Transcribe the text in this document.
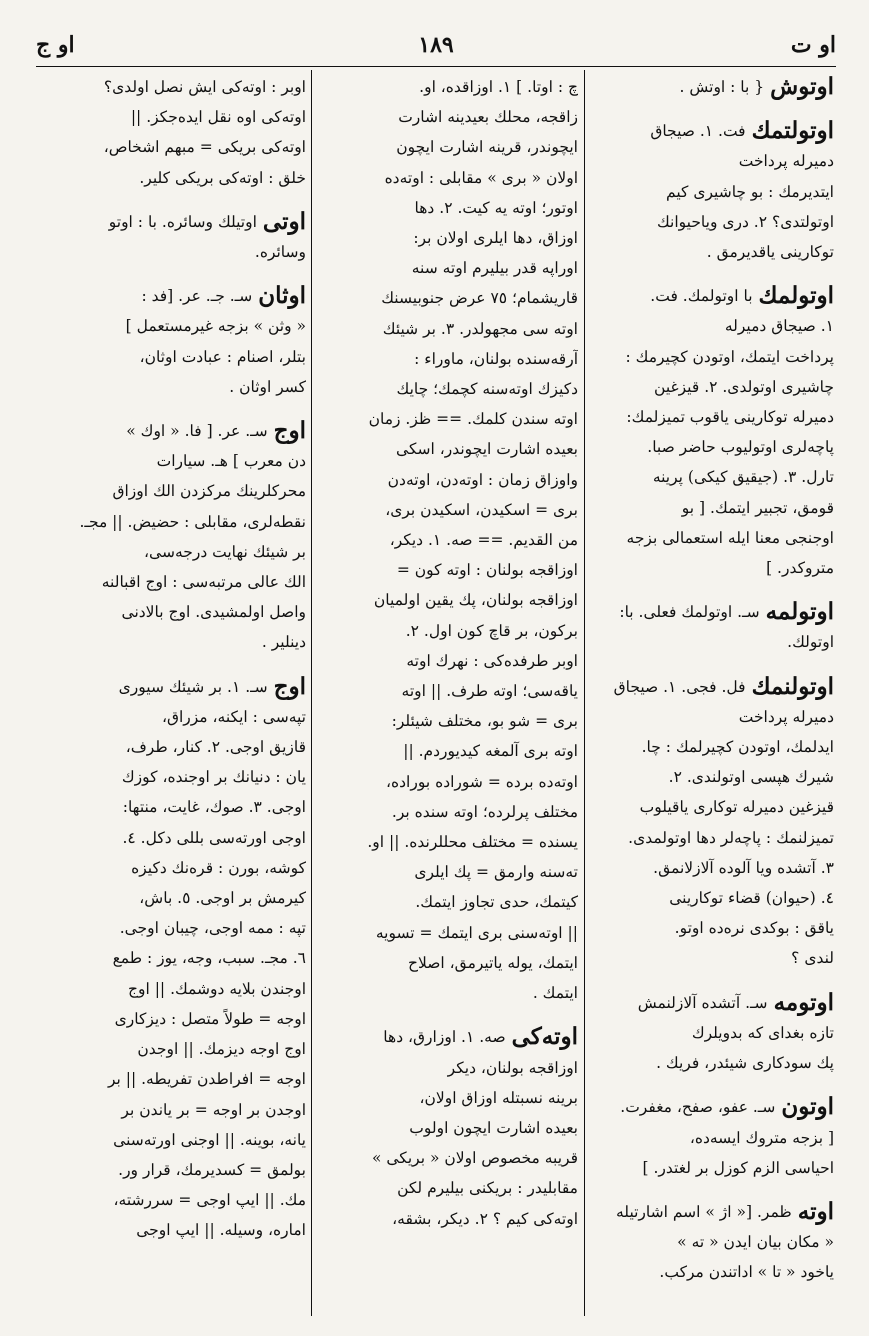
او ت
١٨٩
او ج
اوتوش
{ با : اوتش .
اوتولتمك
فت. ١. صیجاق
دمیرله پرداخت
ایتدیرمك : بو چاشیری کیم
اوتولتدی؟ ٢. دری ویاحیوانك
توکارینی یاقدیرمق .
اوتولمك
با اوتولمك. فت.
١. صیجاق دمیرله
پرداخت ایتمك، اوتودن کچیرمك :
چاشیری اوتولدی. ٢. قیزغین
دمیرله توکارینی یاقوب تمیزلمك:
پاچه‌لری اوتولیوب حاضر صبا.
تارل. ٣. (جیقیق کیکی) پرینه
قومق، تجبیر ایتمك. [ بو
اوجنجی معنا ایله استعمالی بزجه
متروکدر. ]
اوتولمه
سـ. اوتولمك فعلی. با:
اوتولك.
اوتولنمك
فل. فجی. ١. صیجاق
دمیرله پرداخت
ایدلمك، اوتودن کچیرلمك : چا.
شیرك هپسی اوتولندی. ٢.
قیزغین دمیرله توکاری یاقیلوب
تمیزلنمك : پاچه‌لر دها اوتولمدی.
٣. آتشده ویا آلوده آلازلانمق.
٤. (حیوان) قضاء توکارینی
یاقق : بوکدی نره‌ده اوتو.
لندی ؟
اوتومه
سـ. آتشده آلازلنمش
تازه بغدای که بدویلرك
پك سودکاری شیئدر، فریك .
اوتون
سـ. عفو، صفح، مغفرت.
[ بزجه متروك ایسه‌ده،
احیاسی الزم کوزل بر لغتدر. ]
اوته
ظمر. [« اژ » اسم اشارتیله
« مکان بیان ایدن « ته »
یاخود « تا » اداتندن مرکب.
چ : اوتا. ] ١. اوزاقده، او.
زاقجه، محلك بعیدینه اشارت
ایچوندر، قرینه اشارت ایچون
اولان « بری » مقابلی : اوته‌ده
اوتور؛ اوته یه کیت. ٢. دها
اوزاق، دها ایلری اولان بر:
اوراپه قدر بیلیرم اوته سنه
قاریشمام؛ ٧٥ عرض جنوبیسنك
اوته سی مجهولدر. ٣. بر شیئك
آرقه‌سنده بولنان، ماوراء :
دکیزك اوته‌سنه کچمك؛ چایك
اوته سندن کلمك. == ظز. زمان
بعیده اشارت ایچوندر، اسکی
واوزاق زمان : اوته‌دن، اوته‌دن
بری = اسکیدن، اسکیدن بری،
من القدیم. == صه. ١. دیکر،
اوزاقجه بولنان : اوته کون =
اوزاقجه بولنان، پك یقین اولمیان
برکون، بر قاچ کون اول. ٢.
اوبر طرفده‌کی : نهرك اوته
یاقه‌سی؛ اوته طرف. || اوته
بری = شو بو، مختلف شیئلر:
اوته بری آلمغه کیدیوردم. ||
اوته‌ده برده = شوراده بوراده،
مختلف پرلرده؛ اوته سنده بر.
یسنده = مختلف محللرنده. || او.
ته‌سنه وارمق = پك ایلری
کیتمك، حدی تجاوز ایتمك.
|| اوته‌سنی بری ایتمك = تسویه
ایتمك، یوله یاتیرمق، اصلاح
ایتمك .
اوته‌کی
صه. ١. اوزارق، دها
اوزاقجه بولنان، دیکر
برینه نسبتله اوزاق اولان،
بعیده اشارت ایچون اولوب
قریبه مخصوص اولان « بریکی »
مقابلیدر : بریکنی بیلیرم لکن
اوته‌کی کیم ؟ ٢. دیکر، بشقه،
اوبر : اوته‌کی ایش نصل اولدی؟
اوته‌کی اوه نقل ایده‌جکز. ||
اوته‌کی بریکی = مبهم اشخاص،
خلق : اوته‌کی بریکی کلیر.
اوتی
اوتیلك وسائره. با : اوتو
وسائره.
اوثان
سـ. جـ. عر. [فد :
« وثن » بزجه غیرمستعمل ]
بتلر، اصنام : عبادت اوثان،
کسر اوثان .
اوج
سـ. عر. [ فا. « اوك »
دن معرب ] هـ. سیارات
محرکلرینك مرکزدن الك اوزاق
نقطه‌لری، مقابلی : حضیض. || مجـ.
بر شیئك نهایت درجه‌سی،
الك عالی مرتبه‌سی : اوج اقبالنه
واصل اولمشیدی. اوج بالادنی
دینلیر .
اوج
سـ. ١. بر شیئك سیوری
تپه‌سی : ایکنه، مزراق،
قازیق اوجی. ٢. کنار، طرف،
یان : دنیانك بر اوجنده، کوزك
اوجی. ٣. صوك، غایت، منتها:
اوجی اورته‌سی بللی دکل. ٤.
کوشه، بورن : قره‌نك دکیزه
کیرمش بر اوجی. ٥. باش،
تپه : ممه اوجی، چیبان اوجی.
٦. مجـ. سبب، وجه، یوز : طمع
اوجندن بلایه دوشمك. || اوج
اوجه = طولاً متصل : دیزکاری
اوج اوجه دیزمك. || اوجدن
اوجه = افراطدن تفریطه. || بر
اوجدن بر اوجه = بر یاندن بر
یانه، بوینه. || اوجنی اورته‌سنی
بولمق = کسدیرمك، قرار ور.
مك. || ایپ اوجی = سررشته،
اماره، وسیله. || ایپ اوجی
